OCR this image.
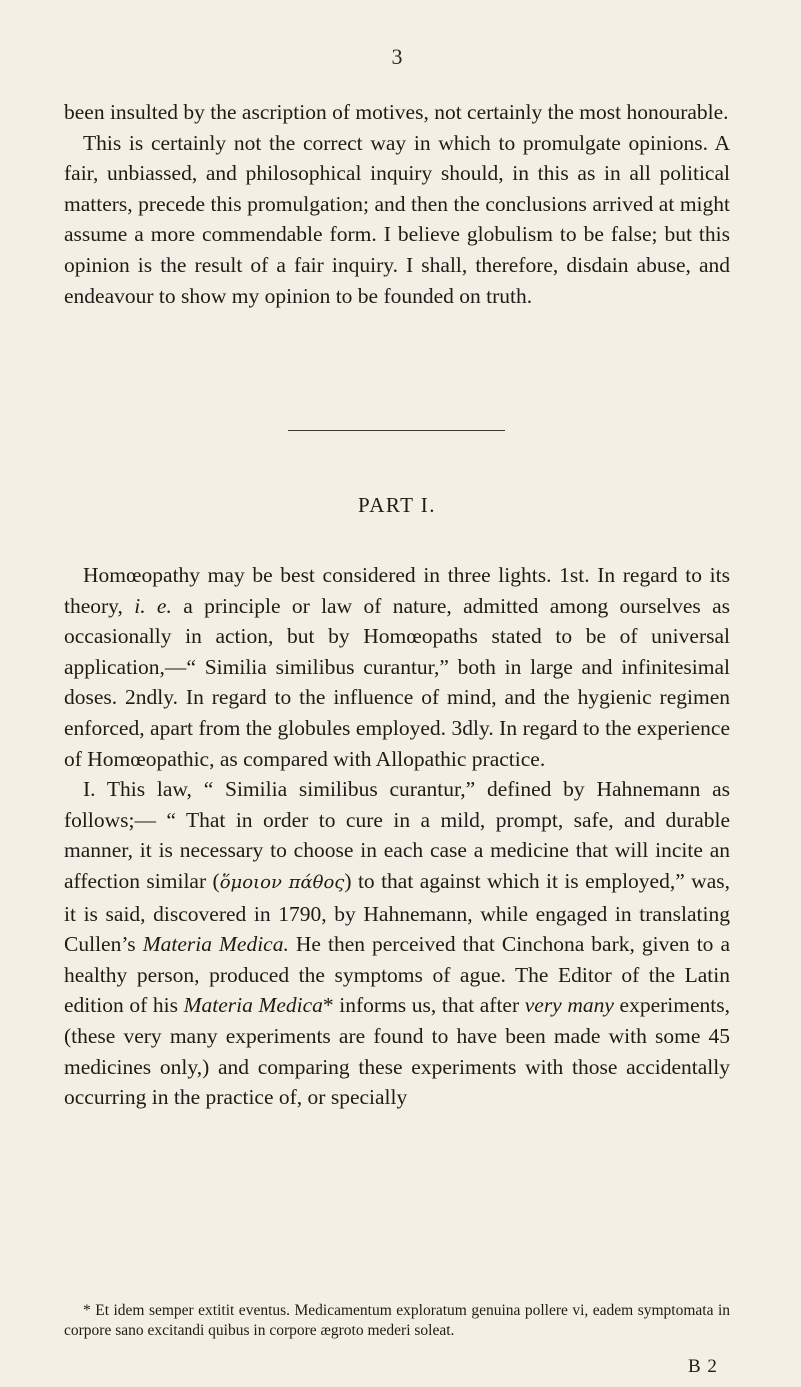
3

been insulted by the ascription of motives, not certainly the most honourable.

This is certainly not the correct way in which to promulgate opinions. A fair, unbiassed, and philosophical inquiry should, in this as in all political matters, precede this promulgation; and then the conclusions arrived at might assume a more commendable form. I believe globulism to be false; but this opinion is the result of a fair inquiry. I shall, therefore, disdain abuse, and endeavour to show my opinion to be founded on truth.

PART I.

Homœopathy may be best considered in three lights. 1st. In regard to its theory, i. e. a principle or law of nature, admitted among ourselves as occasionally in action, but by Homœopaths stated to be of universal application,—“ Similia similibus curantur,” both in large and infinitesimal doses. 2ndly. In regard to the influence of mind, and the hygienic regimen enforced, apart from the globules employed. 3dly. In regard to the experience of Homœopathic, as compared with Allopathic practice.

I. This law, “ Similia similibus curantur,” defined by Hahnemann as follows;— “ That in order to cure in a mild, prompt, safe, and durable manner, it is necessary to choose in each case a medicine that will incite an affection similar (ὅμοιον πάθος) to that against which it is employed,” was, it is said, discovered in 1790, by Hahnemann, while engaged in translating Cullen’s Materia Medica. He then perceived that Cinchona bark, given to a healthy person, produced the symptoms of ague. The Editor of the Latin edition of his Materia Medica* informs us, that after very many experiments, (these very many experiments are found to have been made with some 45 medicines only,) and comparing these experiments with those accidentally occurring in the practice of, or specially

* Et idem semper extitit eventus. Medicamentum exploratum genuina pollere vi, eadem symptomata in corpore sano excitandi quibus in corpore ægroto mederi soleat.
B 2
